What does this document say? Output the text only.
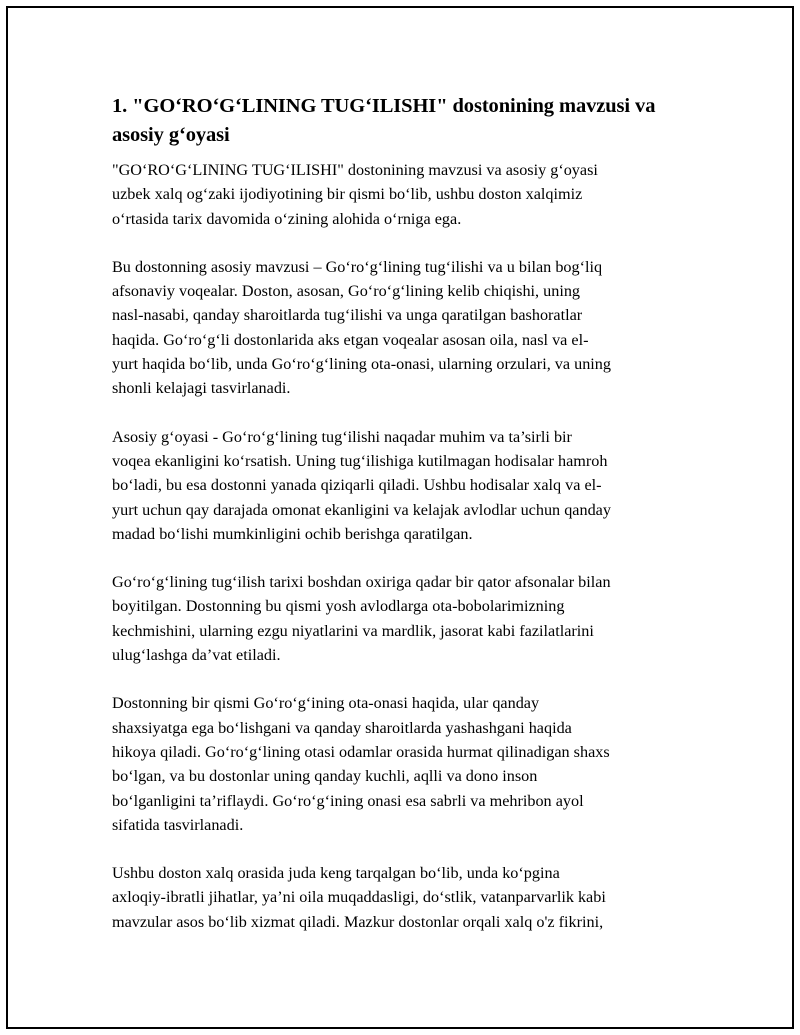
1. "GO‘RO‘G‘LINING TUG‘ILISHI" dostonining mavzusi va
asosiy g‘oyasi
"GO‘RO‘G‘LINING TUG‘ILISHI" dostonining mavzusi va asosiy g‘oyasi
uzbek xalq og‘zaki ijodiyotining bir qismi bo‘lib, ushbu doston xalqimiz
o‘rtasida tarix davomida o‘zining alohida o‘rniga ega.
Bu dostonning asosiy mavzusi – Go‘ro‘g‘lining tug‘ilishi va u bilan bog‘liq
afsonaviy voqealar. Doston, asosan, Go‘ro‘g‘lining kelib chiqishi, uning
nasl-nasabi, qanday sharoitlarda tug‘ilishi va unga qaratilgan bashoratlar
haqida. Go‘ro‘g‘li dostonlarida aks etgan voqealar asosan oila, nasl va el-
yurt haqida bo‘lib, unda Go‘ro‘g‘lining ota-onasi, ularning orzulari, va uning
shonli kelajagi tasvirlanadi.
Asosiy g‘oyasi - Go‘ro‘g‘lining tug‘ilishi naqadar muhim va ta’sirli bir
voqea ekanligini ko‘rsatish. Uning tug‘ilishiga kutilmagan hodisalar hamroh
bo‘ladi, bu esa dostonni yanada qiziqarli qiladi. Ushbu hodisalar xalq va el-
yurt uchun qay darajada omonat ekanligini va kelajak avlodlar uchun qanday
madad bo‘lishi mumkinligini ochib berishga qaratilgan.
Go‘ro‘g‘lining tug‘ilish tarixi boshdan oxiriga qadar bir qator afsonalar bilan
boyitilgan. Dostonning bu qismi yosh avlodlarga ota-bobolarimizning
kechmishini, ularning ezgu niyatlarini va mardlik, jasorat kabi fazilatlarini
ulug‘lashga da’vat etiladi.
Dostonning bir qismi Go‘ro‘g‘ining ota-onasi haqida, ular qanday
shaxsiyatga ega bo‘lishgani va qanday sharoitlarda yashashgani haqida
hikoya qiladi. Go‘ro‘g‘lining otasi odamlar orasida hurmat qilinadigan shaxs
bo‘lgan, va bu dostonlar uning qanday kuchli, aqlli va dono inson
bo‘lganligini ta’riflaydi. Go‘ro‘g‘ining onasi esa sabrli va mehribon ayol
sifatida tasvirlanadi.
Ushbu doston xalq orasida juda keng tarqalgan bo‘lib, unda ko‘pgina
axloqiy-ibratli jihatlar, ya’ni oila muqaddasligi, do‘stlik, vatanparvarlik kabi
mavzular asos bo‘lib xizmat qiladi. Mazkur dostonlar orqali xalq o'z fikrini,
